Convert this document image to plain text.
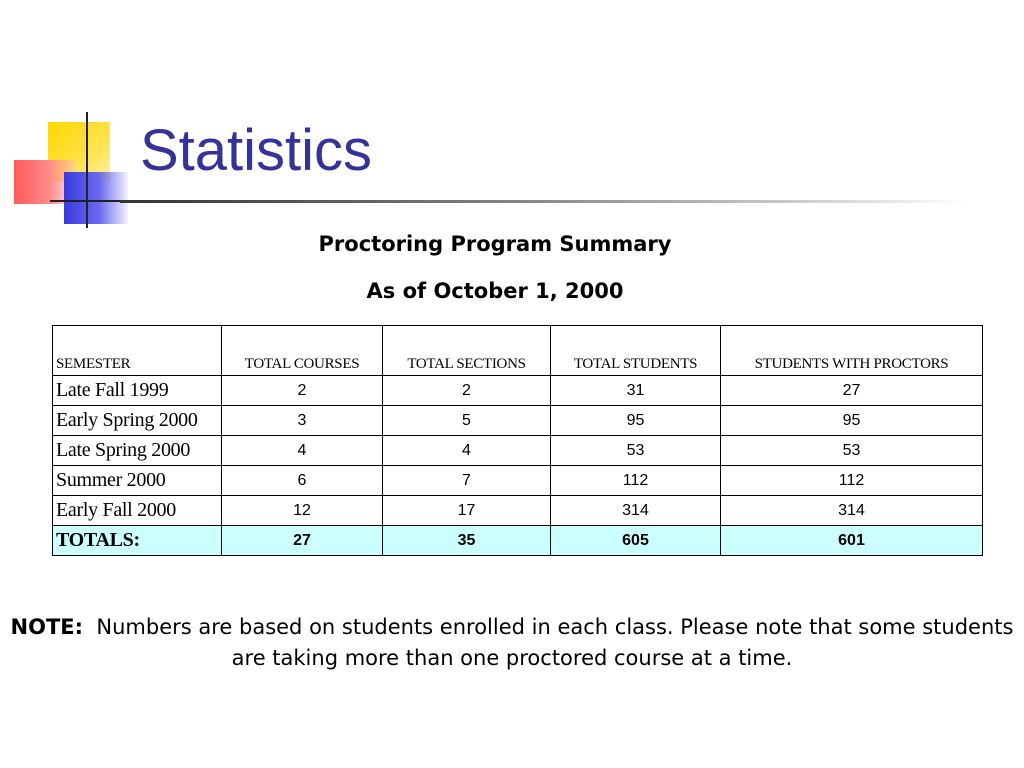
Statistics

Proctoring Program Summary

As of October 1, 2000

SEMESTER	TOTAL COURSES	TOTAL SECTIONS	TOTAL STUDENTS	STUDENTS WITH PROCTORS
Late Fall 1999	2	2	31	27
Early Spring 2000	3	5	95	95
Late Spring 2000	4	4	53	53
Summer 2000	6	7	112	112
Early Fall 2000	12	17	314	314
TOTALS:	27	35	605	601

NOTE: Numbers are based on students enrolled in each class. Please note that some students are taking more than one proctored course at a time.
